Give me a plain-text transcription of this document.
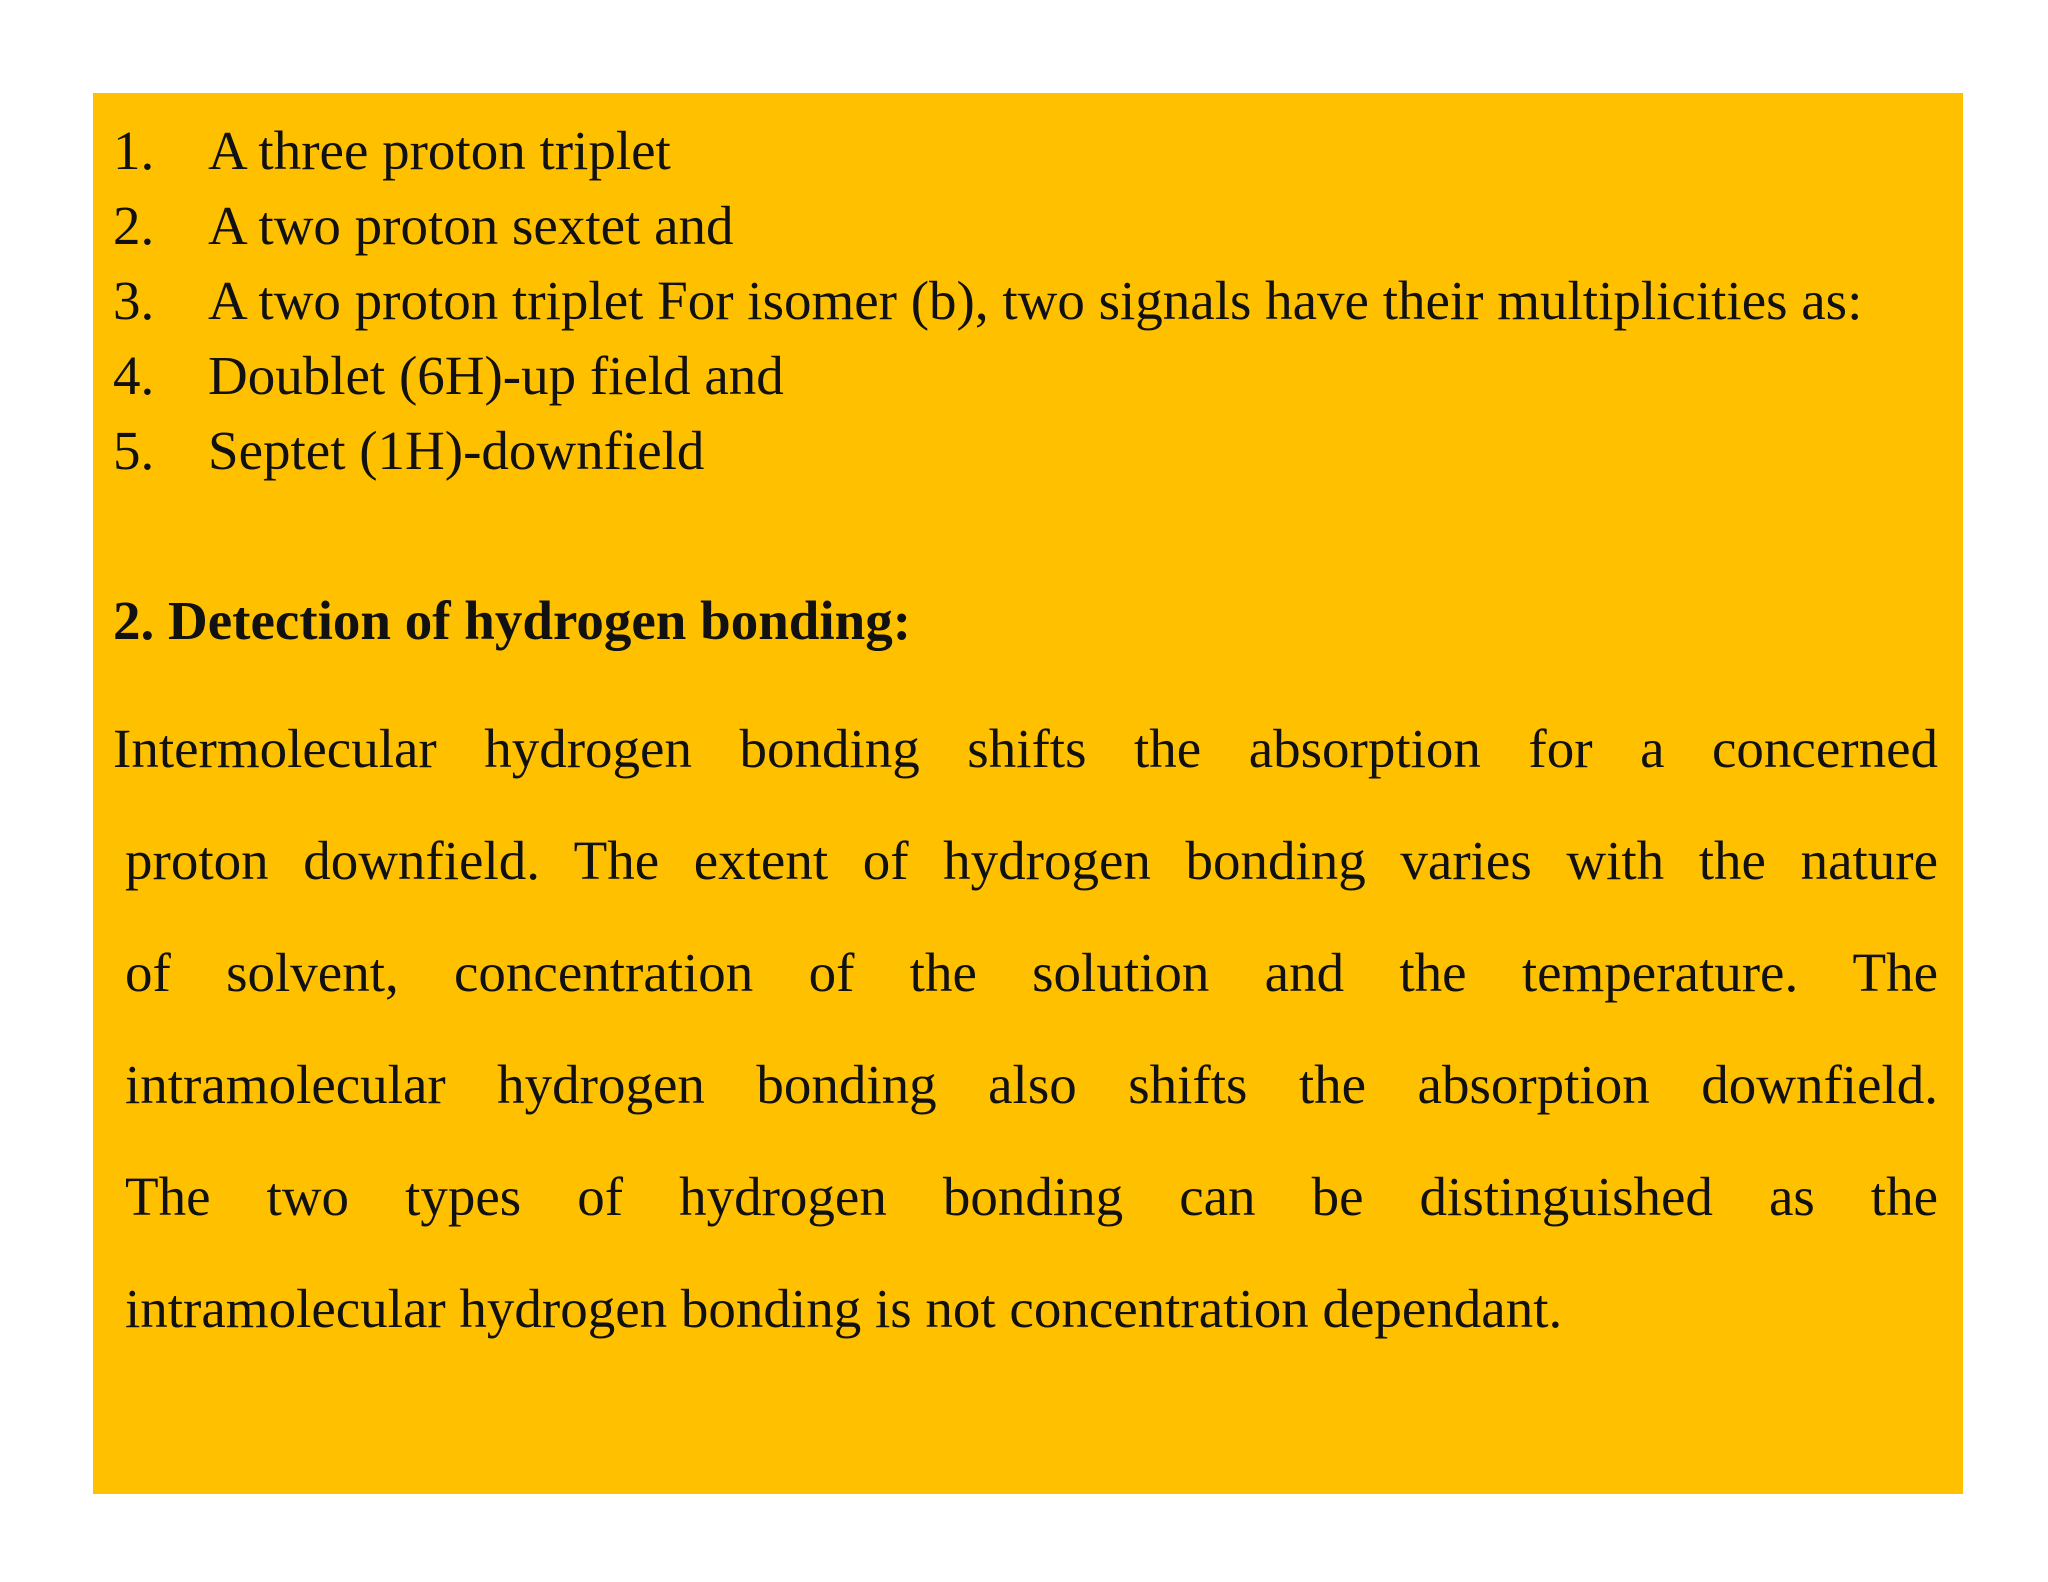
1. A three proton triplet
2. A two proton sextet and
3. A two proton triplet For isomer (b), two signals have their multiplicities as:
4. Doublet (6H)-up field and
5. Septet (1H)-downfield
2. Detection of hydrogen bonding:
Intermolecular hydrogen bonding shifts the absorption for a concerned
proton downfield. The extent of hydrogen bonding varies with the nature
of solvent, concentration of the solution and the temperature. The
intramolecular hydrogen bonding also shifts the absorption downfield.
The two types of hydrogen bonding can be distinguished as the
intramolecular hydrogen bonding is not concentration dependant.
